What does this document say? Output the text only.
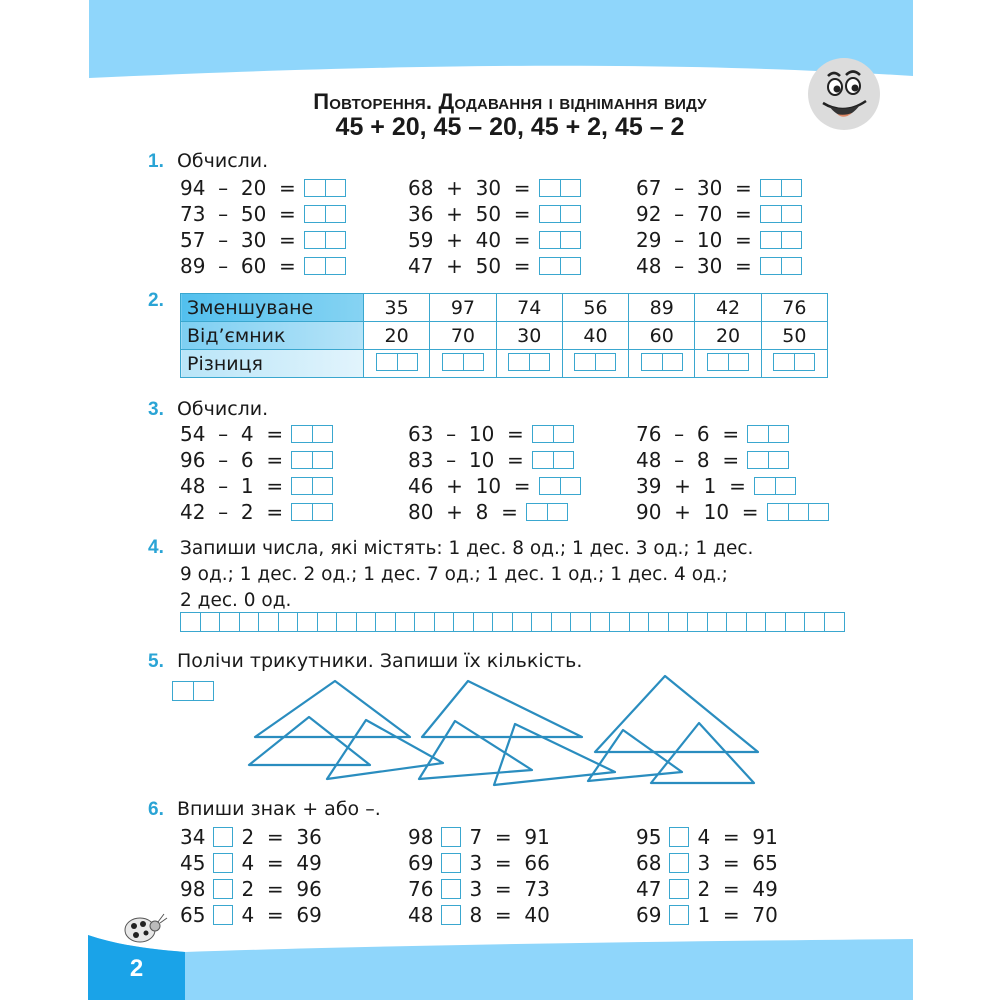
2
Повторення. Додавання і віднімання виду
45 + 20, 45 – 20, 45 + 2, 45 – 2
1. Обчисли.
94  –  20  =
73  –  50  =
57  –  30  =
89  –  60  =
68  +  30  =
36  +  50  =
59  +  40  =
47  +  50  =
67  –  30  =
92  –  70  =
29  –  10  =
48  –  30  =
2. Зменшуване	35	97	74	56	89	42	76
Від’ємник	20	70	30	40	60	20	50
Різниця	

3. Обчисли.
54  –  4  =
96  –  6  =
48  –  1  =
42  –  2  =
63  –  10  =
83  –  10  =
46  +  10  =
80  +  8  =
76  –  6  =
48  –  8  =
39  +  1  =
90  +  10  =
4. Запиши числа, які містять: 1 дес. 8 од.; 1 дес. 3 од.; 1 дес.
9 од.; 1 дес. 2 од.; 1 дес. 7 од.; 1 дес. 1 од.; 1 дес. 4 од.;
2 дес. 0 од.
5. Полічи трикутники. Запиши їх кількість.
6. Впиши знак + або –.
34 2  =  36
45 4  =  49
98 2  =  96
65 4  =  69
98 7  =  91
69 3  =  66
76 3  =  73
48 8  =  40
95 4  =  91
68 3  =  65
47 2  =  49
69 1  =  70
